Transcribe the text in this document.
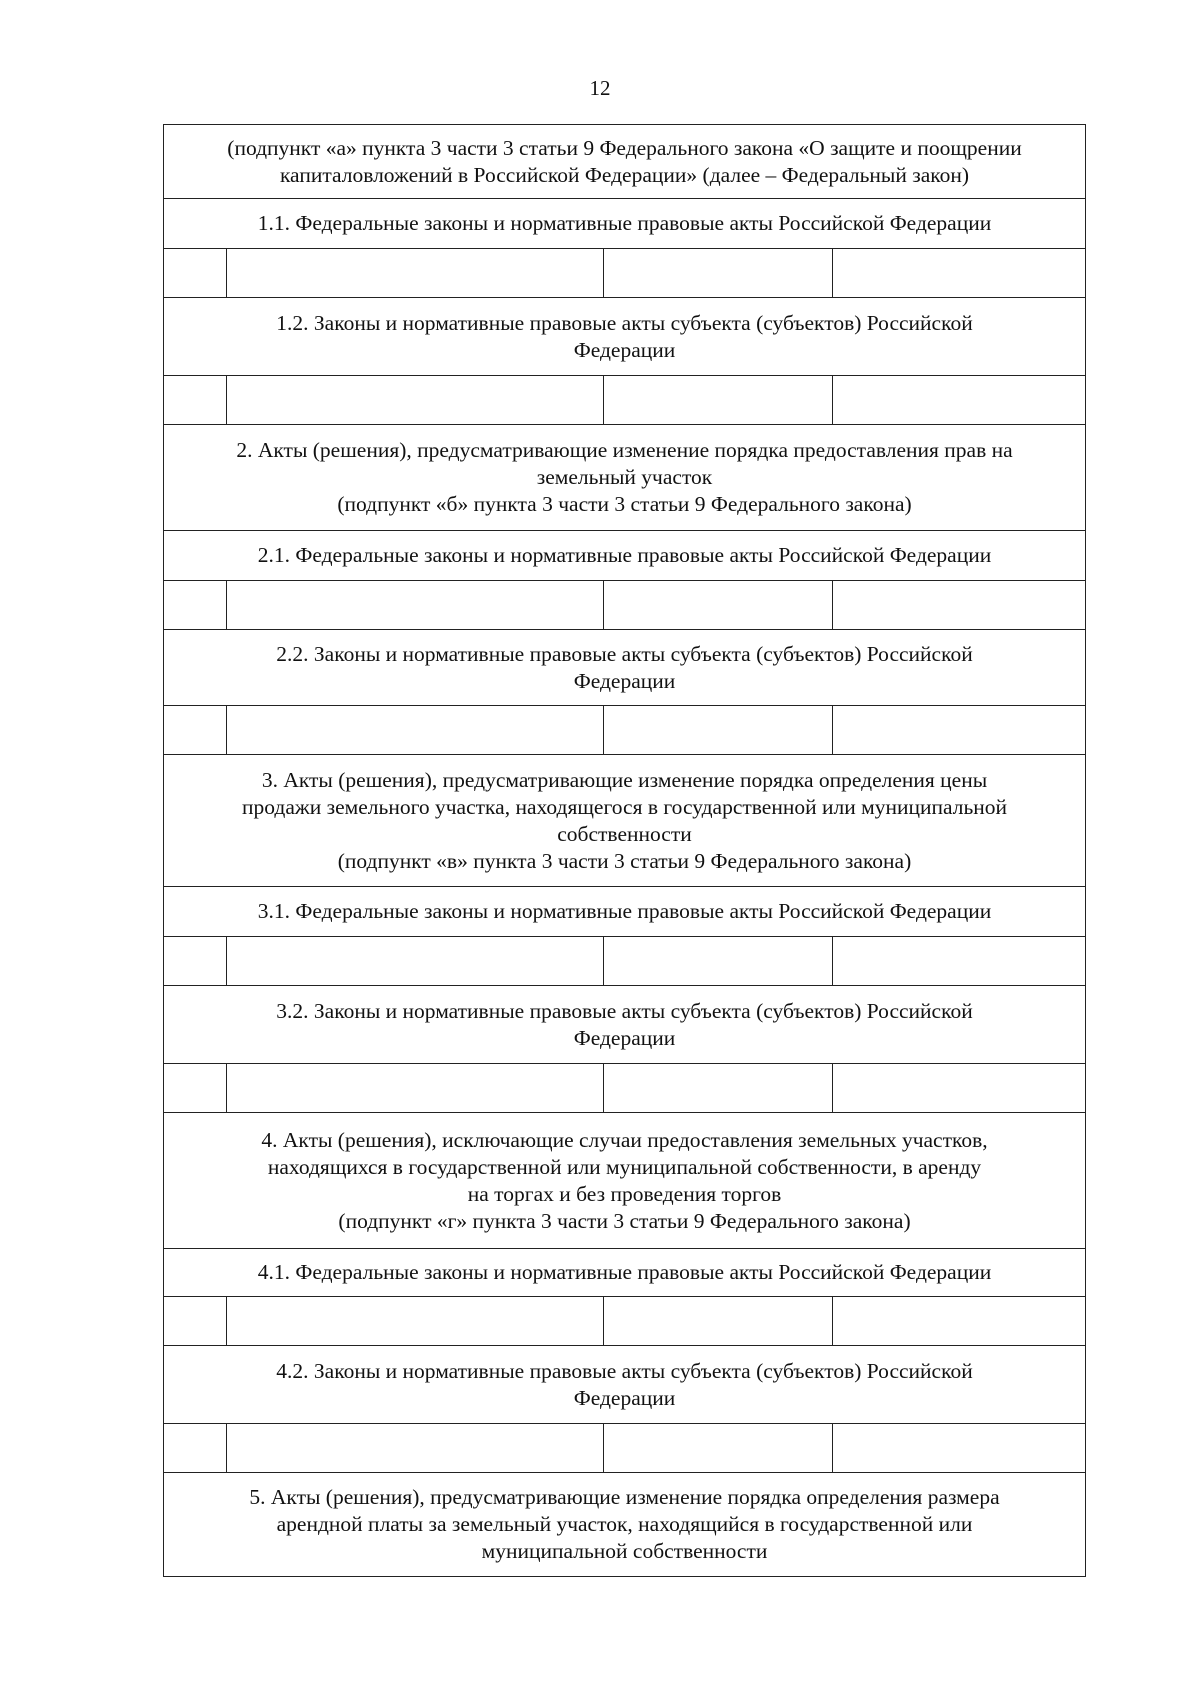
12
(подпункт «а» пункта 3 части 3 статьи 9 Федерального закона «О защите и поощрении
капиталовложений в Российской Федерации» (далее – Федеральный закон)			

1.1. Федеральные законы и нормативные правовые акты Российской Федерации			

1.2. Законы и нормативные правовые акты субъекта (субъектов) Российской
Федерации			

2. Акты (решения), предусматривающие изменение порядка предоставления прав на
земельный участок
(подпункт «б» пункта 3 части 3 статьи 9 Федерального закона)			

2.1. Федеральные законы и нормативные правовые акты Российской Федерации			

2.2. Законы и нормативные правовые акты субъекта (субъектов) Российской
Федерации			

3. Акты (решения), предусматривающие изменение порядка определения цены
продажи земельного участка, находящегося в государственной или муниципальной
собственности
(подпункт «в» пункта 3 части 3 статьи 9 Федерального закона)			

3.1. Федеральные законы и нормативные правовые акты Российской Федерации			

3.2. Законы и нормативные правовые акты субъекта (субъектов) Российской
Федерации			

4. Акты (решения), исключающие случаи предоставления земельных участков,
находящихся в государственной или муниципальной собственности, в аренду
на торгах и без проведения торгов
(подпункт «г» пункта 3 части 3 статьи 9 Федерального закона)			

4.1. Федеральные законы и нормативные правовые акты Российской Федерации			

4.2. Законы и нормативные правовые акты субъекта (субъектов) Российской
Федерации			

5. Акты (решения), предусматривающие изменение порядка определения размера
арендной платы за земельный участок, находящийся в государственной или
муниципальной собственности			
